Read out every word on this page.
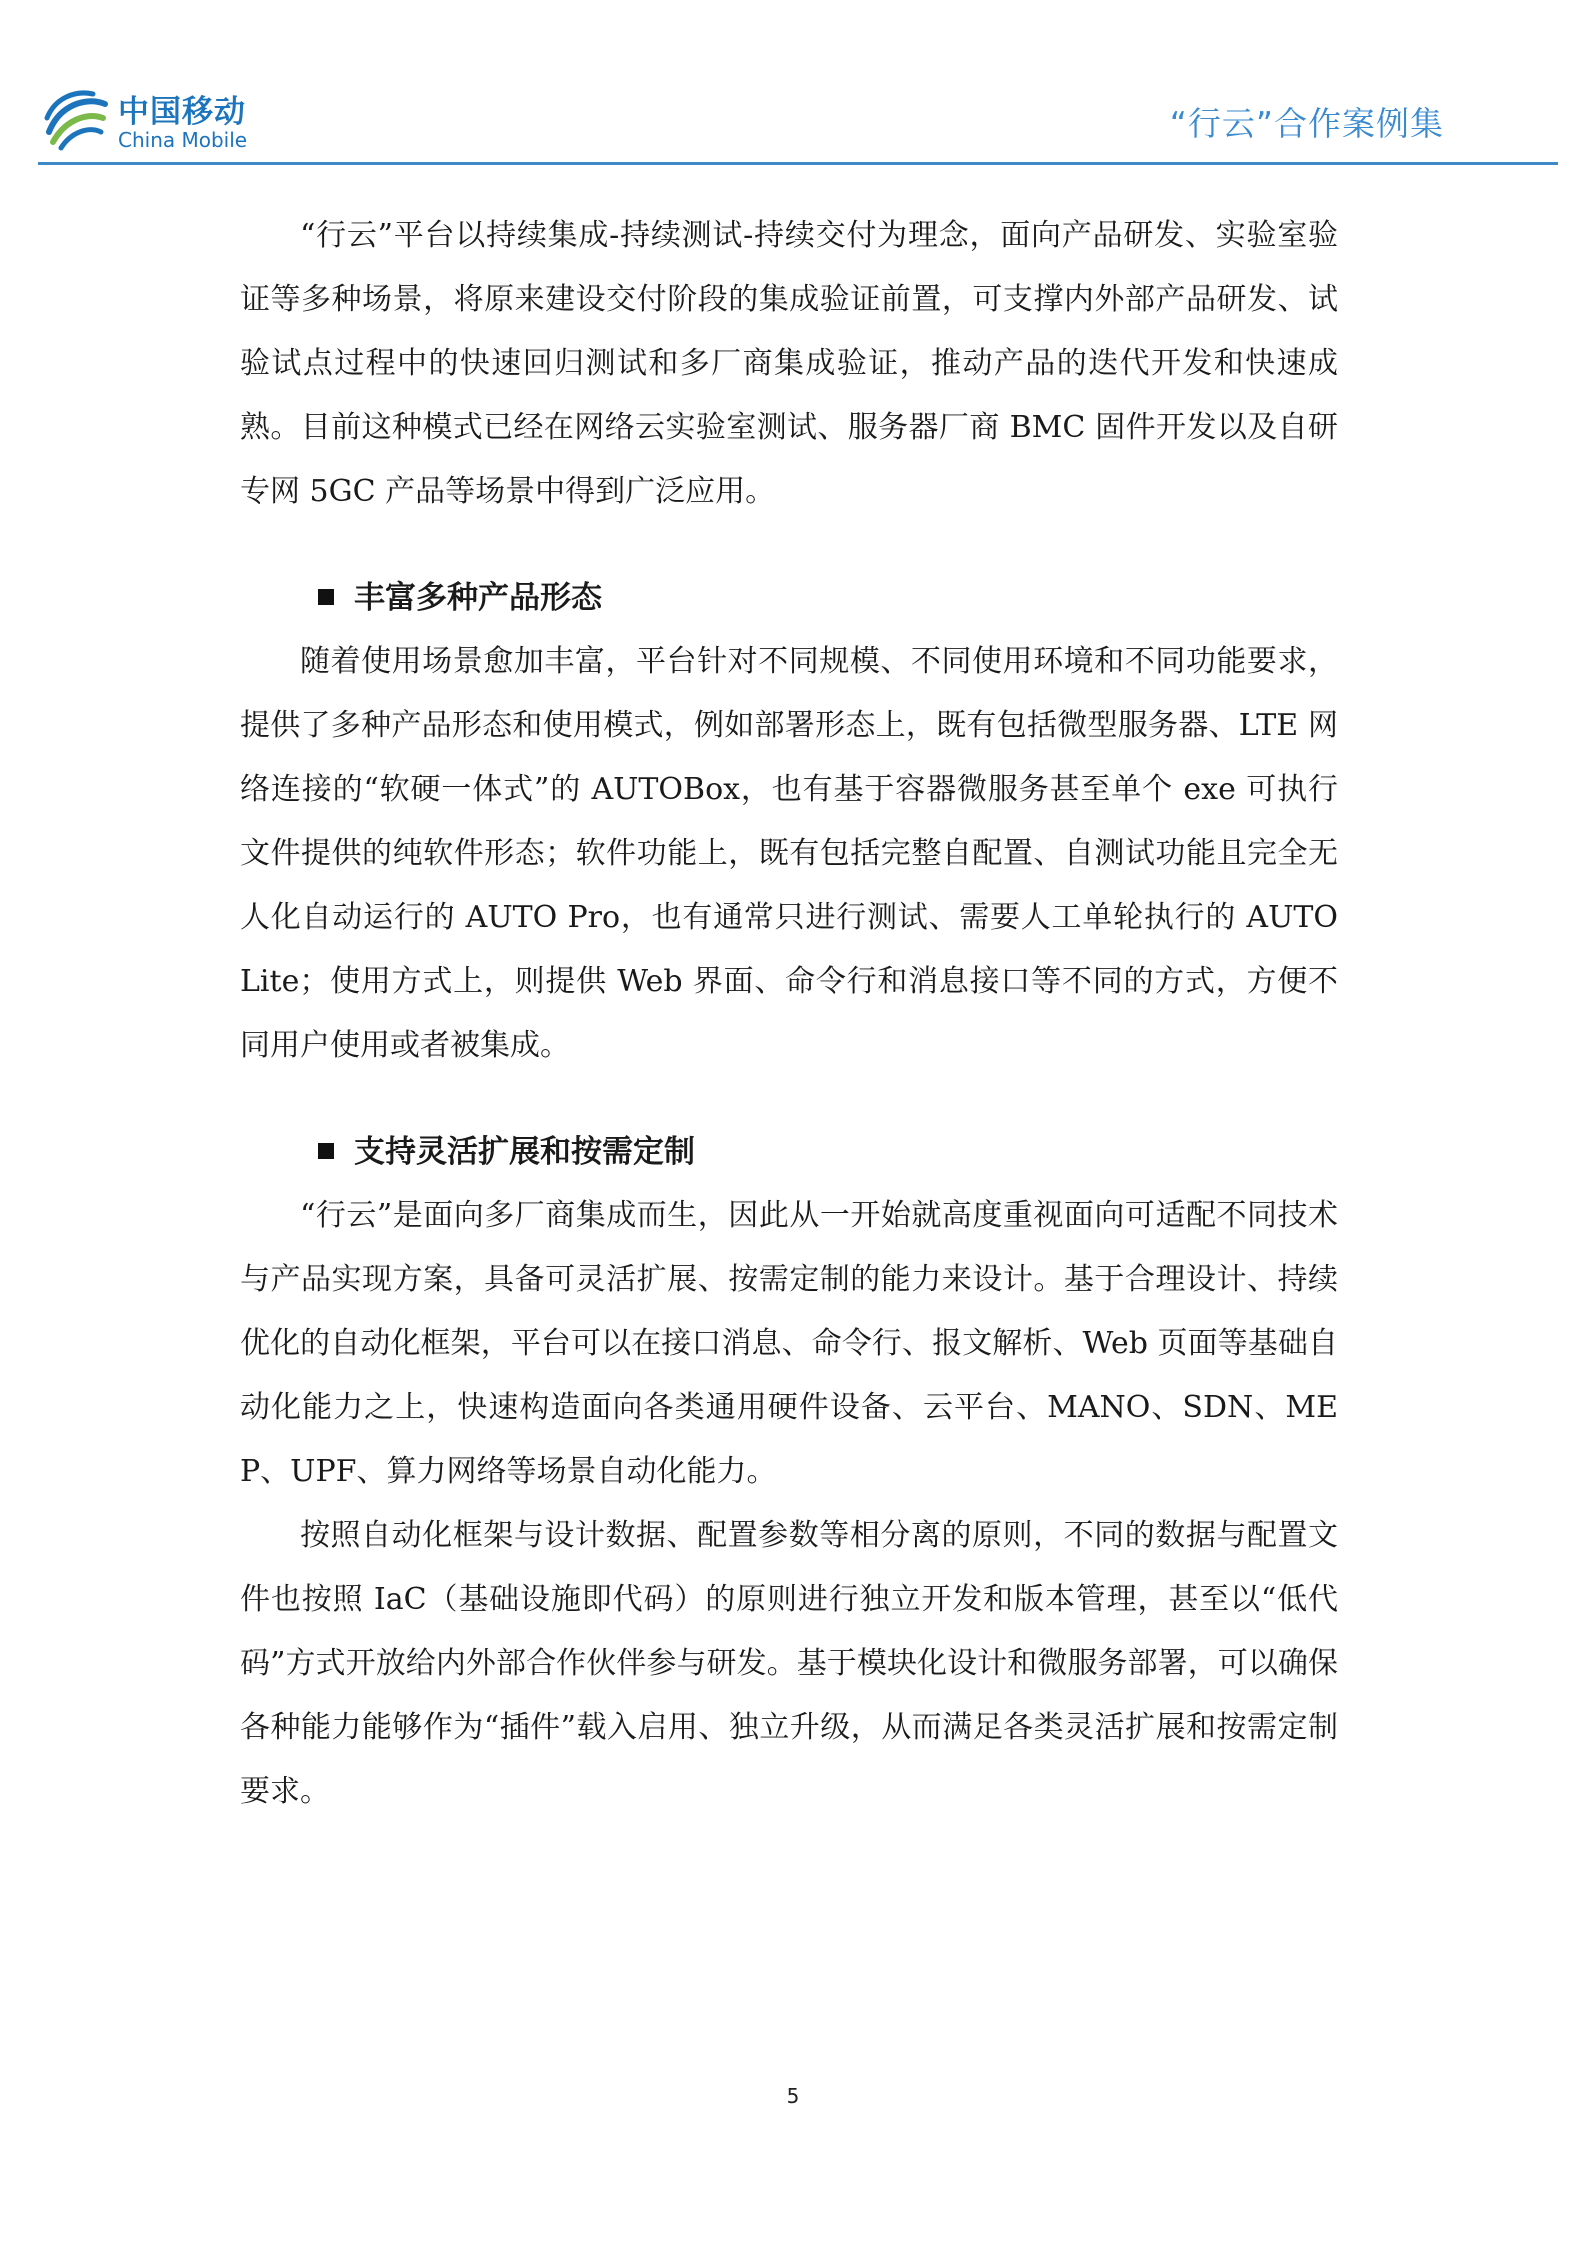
中国移动
China Mobile	“行云”合作案例集

“行云”平台以持续集成-持续测试-持续交付为理念，面向产品研发、实验室验证等多种场景，将原来建设交付阶段的集成验证前置，可支撑内外部产品研发、试验试点过程中的快速回归测试和多厂商集成验证，推动产品的迭代开发和快速成熟。目前这种模式已经在网络云实验室测试、服务器厂商 BMC 固件开发以及自研专网 5GC 产品等场景中得到广泛应用。

丰富多种产品形态

随着使用场景愈加丰富，平台针对不同规模、不同使用环境和不同功能要求，提供了多种产品形态和使用模式，例如部署形态上，既有包括微型服务器、LTE 网络连接的“软硬一体式”的 AUTOBox，也有基于容器微服务甚至单个 exe 可执行文件提供的纯软件形态；软件功能上，既有包括完整自配置、自测试功能且完全无人化自动运行的 AUTO Pro，也有通常只进行测试、需要人工单轮执行的 AUTO Lite；使用方式上，则提供 Web 界面、命令行和消息接口等不同的方式，方便不同用户使用或者被集成。

支持灵活扩展和按需定制

“行云”是面向多厂商集成而生，因此从一开始就高度重视面向可适配不同技术与产品实现方案，具备可灵活扩展、按需定制的能力来设计。基于合理设计、持续优化的自动化框架，平台可以在接口消息、命令行、报文解析、Web 页面等基础自动化能力之上，快速构造面向各类通用硬件设备、云平台、MANO、SDN、MEP、UPF、算力网络等场景自动化能力。

按照自动化框架与设计数据、配置参数等相分离的原则，不同的数据与配置文件也按照 IaC（基础设施即代码）的原则进行独立开发和版本管理，甚至以“低代码”方式开放给内外部合作伙伴参与研发。基于模块化设计和微服务部署，可以确保各种能力能够作为“插件”载入启用、独立升级，从而满足各类灵活扩展和按需定制要求。

5
